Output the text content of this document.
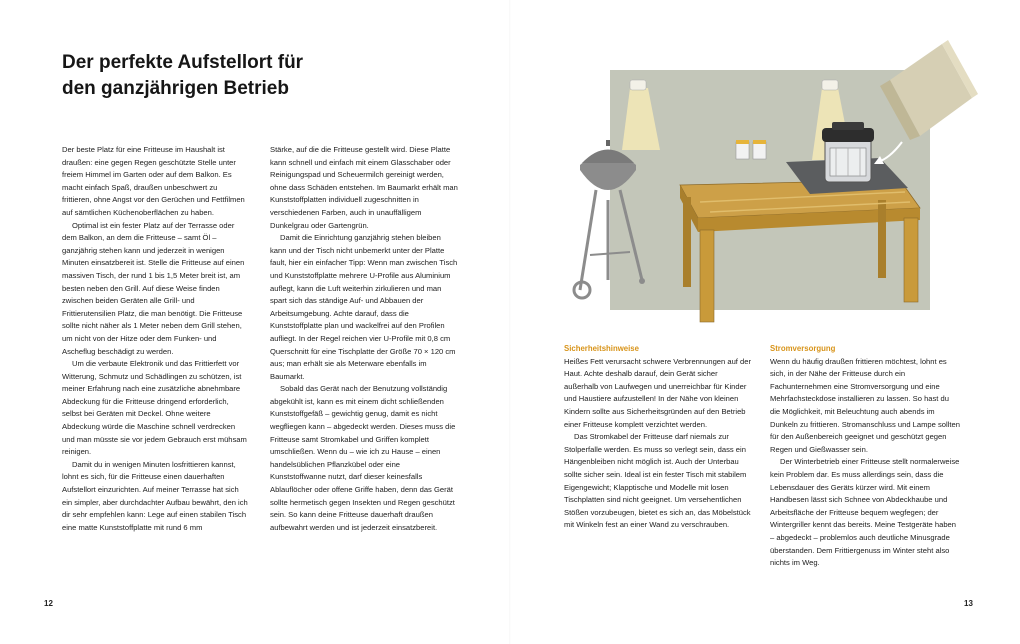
Der perfekte Aufstellort für
den ganzjährigen Betrieb

Der beste Platz für eine Fritteuse im Haushalt ist draußen: eine gegen Regen geschützte Stelle unter freiem Himmel im Garten oder auf dem Balkon. Es macht einfach Spaß, draußen unbeschwert zu frittieren, ohne Angst vor den Gerüchen und Fettfilmen auf sämtlichen Küchenoberflächen zu haben.

Optimal ist ein fester Platz auf der Terrasse oder dem Balkon, an dem die Fritteuse – samt Öl – ganzjährig stehen kann und jederzeit in wenigen Minuten einsatzbereit ist. Stelle die Fritteuse auf einen massiven Tisch, der rund 1 bis 1,5 Meter breit ist, am besten neben den Grill. Auf diese Weise finden zwischen beiden Geräten alle Grill- und Frittierutensilien Platz, die man benötigt. Die Fritteuse sollte nicht näher als 1 Meter neben dem Grill stehen, um nicht von der Hitze oder dem Funken- und Ascheflug beschädigt zu werden.

Um die verbaute Elektronik und das Frittierfett vor Witterung, Schmutz und Schädlingen zu schützen, ist meiner Erfahrung nach eine zusätzliche abnehmbare Abdeckung für die Fritteuse dringend erforderlich, selbst bei Geräten mit Deckel. Ohne weitere Abdeckung würde die Maschine schnell verdrecken und man müsste sie vor jedem Gebrauch erst mühsam reinigen.

Damit du in wenigen Minuten losfrittieren kannst, lohnt es sich, für die Fritteuse einen dauerhaften Aufstellort einzurichten. Auf meiner Terrasse hat sich ein simpler, aber durchdachter Aufbau bewährt, den ich dir sehr empfehlen kann: Lege auf einen stabilen Tisch eine matte Kunststoffplatte mit rund 6 mm

Stärke, auf die die Fritteuse gestellt wird. Diese Platte kann schnell und einfach mit einem Glasschaber oder Reinigungspad und Scheuermilch gereinigt werden, ohne dass Schäden entstehen. Im Baumarkt erhält man Kunststoffplatten individuell zugeschnitten in verschiedenen Farben, auch in unauffälligem Dunkelgrau oder Gartengrün.

Damit die Einrichtung ganzjährig stehen bleiben kann und der Tisch nicht unbemerkt unter der Platte fault, hier ein einfacher Tipp: Wenn man zwischen Tisch und Kunststoffplatte mehrere U-Profile aus Aluminium auflegt, kann die Luft weiterhin zirkulieren und man spart sich das ständige Auf- und Abbauen der Arbeitsumgebung. Achte darauf, dass die Kunststoffplatte plan und wackelfrei auf den Profilen aufliegt. In der Regel reichen vier U-Profile mit 0,8 cm Querschnitt für eine Tischplatte der Größe 70 × 120 cm aus; man erhält sie als Meterware ebenfalls im Baumarkt.

Sobald das Gerät nach der Benutzung vollständig abgekühlt ist, kann es mit einem dicht schließenden Kunststoffgefäß – gewichtig genug, damit es nicht wegfliegen kann – abgedeckt werden. Dieses muss die Fritteuse samt Stromkabel und Griffen komplett umschließen. Wenn du – wie ich zu Hause – einen handelsüblichen Pflanzkübel oder eine Kunststoffwanne nutzt, darf dieser keinesfalls Ablauflöcher oder offene Griffe haben, denn das Gerät sollte hermetisch gegen Insekten und Regen geschützt sein. So kann deine Fritteuse dauerhaft draußen aufbewahrt werden und ist jederzeit einsatzbereit.

Sicherheitshinweise

Heißes Fett verursacht schwere Verbrennungen auf der Haut. Achte deshalb darauf, dein Gerät sicher außerhalb von Laufwegen und unerreichbar für Kinder und Haustiere aufzustellen! In der Nähe von kleinen Kindern sollte aus Sicherheitsgründen auf den Betrieb einer Fritteuse komplett verzichtet werden.

Das Stromkabel der Fritteuse darf niemals zur Stolperfalle werden. Es muss so verlegt sein, dass ein Hängenbleiben nicht möglich ist. Auch der Unterbau sollte sicher sein. Ideal ist ein fester Tisch mit stabilem Eigengewicht; Klapptische und Modelle mit losen Tischplatten sind nicht geeignet. Um versehentlichen Stößen vorzubeugen, bietet es sich an, das Möbelstück mit Winkeln fest an einer Wand zu verschrauben.

Stromversorgung

Wenn du häufig draußen frittieren möchtest, lohnt es sich, in der Nähe der Fritteuse durch ein Fachunternehmen eine Stromversorgung und eine Mehrfachsteckdose installieren zu lassen. So hast du die Möglichkeit, mit Beleuchtung auch abends im Dunkeln zu frittieren. Stromanschluss und Lampe sollten für den Außenbereich geeignet und geschützt gegen Regen und Gießwasser sein.

Der Winterbetrieb einer Fritteuse stellt normalerweise kein Problem dar. Es muss allerdings sein, dass die Lebensdauer des Geräts kürzer wird. Mit einem Handbesen lässt sich Schnee von Abdeckhaube und Arbeitsfläche der Fritteuse bequem wegfegen; der Wintergriller kennt das bereits. Meine Testgeräte haben – abgedeckt – problemlos auch deutliche Minusgrade überstanden. Dem Frittiergenuss im Winter steht also nichts im Weg.

12	13
